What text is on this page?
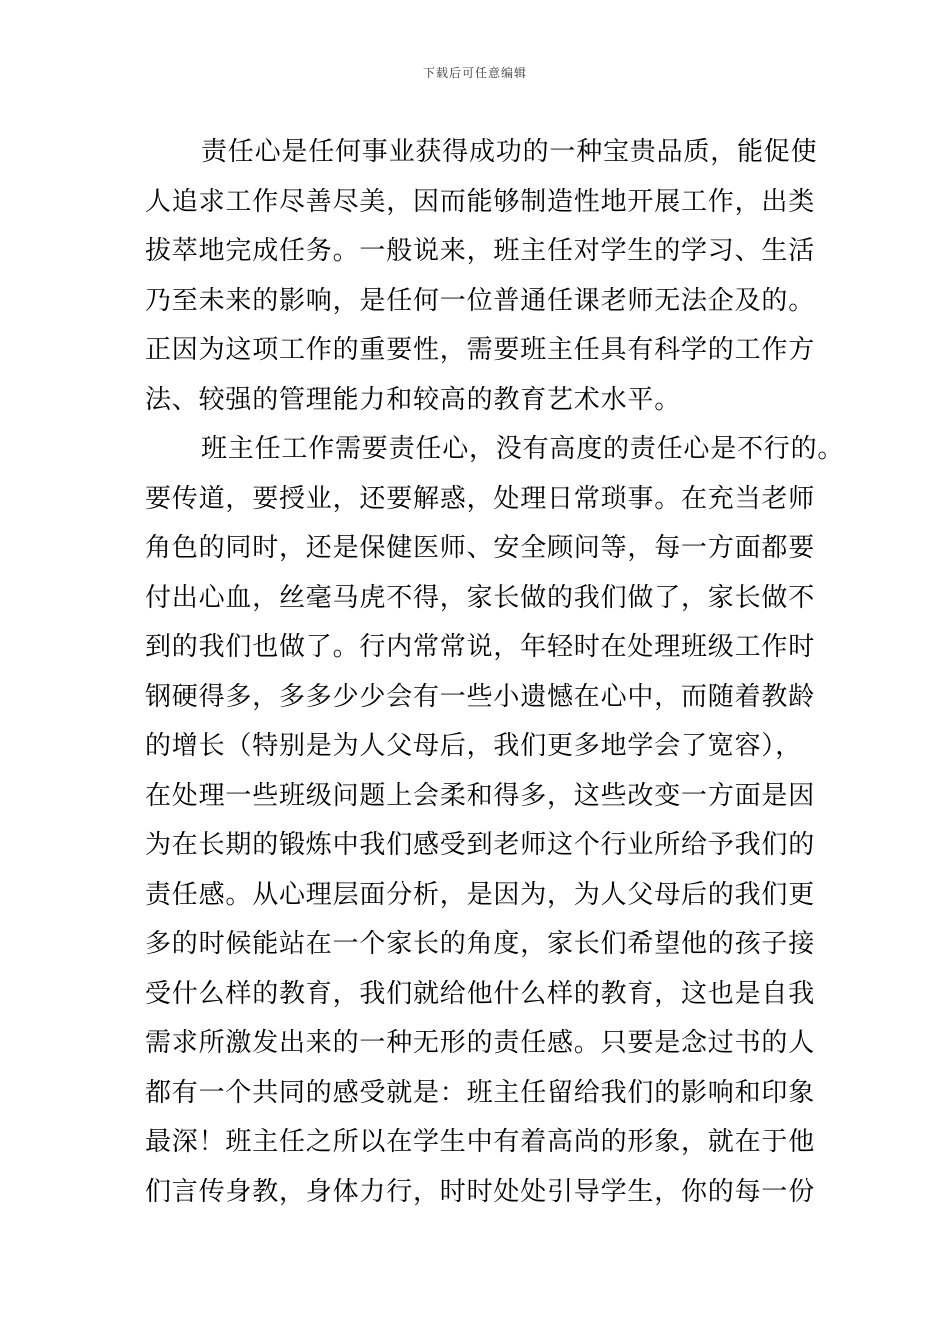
下载后可任意编辑
责任心是任何事业获得成功的一种宝贵品质，能促使
人追求工作尽善尽美，因而能够制造性地开展工作，出类
拔萃地完成任务。一般说来，班主任对学生的学习、生活
乃至未来的影响，是任何一位普通任课老师无法企及的。
正因为这项工作的重要性，需要班主任具有科学的工作方
法、较强的管理能力和较高的教育艺术水平。
班主任工作需要责任心，没有高度的责任心是不行的。
要传道，要授业，还要解惑，处理日常琐事。在充当老师
角色的同时，还是保健医师、安全顾问等，每一方面都要
付出心血，丝毫马虎不得，家长做的我们做了，家长做不
到的我们也做了。行内常常说，年轻时在处理班级工作时
钢硬得多，多多少少会有一些小遗憾在心中，而随着教龄
的增长（特别是为人父母后，我们更多地学会了宽容），
在处理一些班级问题上会柔和得多，这些改变一方面是因
为在长期的锻炼中我们感受到老师这个行业所给予我们的
责任感。从心理层面分析，是因为，为人父母后的我们更
多的时候能站在一个家长的角度，家长们希望他的孩子接
受什么样的教育，我们就给他什么样的教育，这也是自我
需求所激发出来的一种无形的责任感。只要是念过书的人
都有一个共同的感受就是：班主任留给我们的影响和印象
最深！班主任之所以在学生中有着高尚的形象，就在于他
们言传身教，身体力行，时时处处引导学生，你的每一份
